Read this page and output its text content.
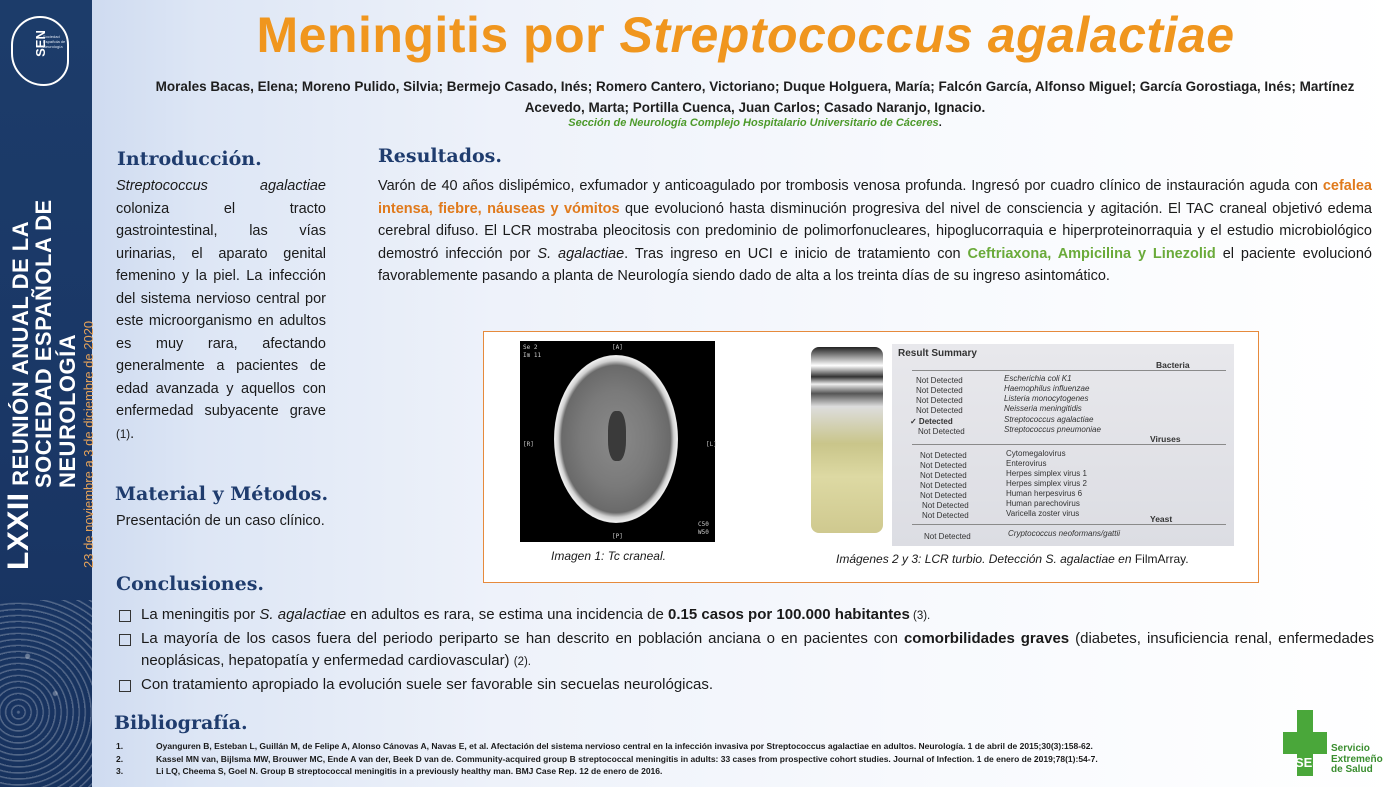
SEN
Sociedad Española de Neurología
LXXII REUNIÓN ANUAL DE LA
SOCIEDAD ESPAÑOLA DE NEUROLOGÍA 23 de noviembre a 3 de diciembre de 2020
Meningitis por Streptococcus agalactiae
Morales Bacas, Elena; Moreno Pulido, Silvia; Bermejo Casado, Inés; Romero Cantero, Victoriano; Duque Holguera, María; Falcón García, Alfonso Miguel; García Gorostiaga, Inés; Martínez Acevedo, Marta; Portilla Cuenca, Juan Carlos; Casado Naranjo, Ignacio.
Sección de Neurología Complejo Hospitalario Universitario de Cáceres.
Introducción.
Streptococcus agalactiae coloniza el tracto gastrointestinal, las vías urinarias, el aparato genital femenino y la piel. La infección del sistema nervioso central por este microorganismo en adultos es muy rara, afectando generalmente a pacientes de edad avanzada y aquellos con enfermedad subyacente grave (1).
Material y Métodos.
Presentación de un caso clínico.
Resultados.
Varón de 40 años dislipémico, exfumador y anticoagulado por trombosis venosa profunda. Ingresó por cuadro clínico de instauración aguda con cefalea intensa, fiebre, náuseas y vómitos que evolucionó hasta disminución progresiva del nivel de consciencia y agitación. El TAC craneal objetivó edema cerebral difuso. El LCR mostraba pleocitosis con predominio de polimorfonucleares, hipoglucorraquia e hiperproteinorraquia y el estudio microbiológico demostró infección por S. agalactiae. Tras ingreso en UCI e inicio de tratamiento con Ceftriaxona, Ampicilina y Linezolid el paciente evolucionó favorablemente pasando a planta de Neurología siendo dado de alta a los treinta días de su ingreso asintomático.
Se 2
Im 11
[A]
[R]	[L]
[P]
C50
W50
Result Summary
Bacteria
Not Detected	Escherichia coli K1
Not Detected	Haemophilus influenzae
Not Detected	Listeria monocytogenes
Not Detected	Neisseria meningitidis
✓ Detected	Streptococcus agalactiae
Not Detected	Streptococcus pneumoniae
Viruses
Not Detected	Cytomegalovirus
Not Detected	Enterovirus
Not Detected	Herpes simplex virus 1
Not Detected	Herpes simplex virus 2
Not Detected	Human herpesvirus 6
Not Detected	Human parechovirus
Not Detected	Varicella zoster virus
Yeast
Not Detected	Cryptococcus neoformans/gattii
Imagen 1: Tc craneal.	Imágenes 2 y 3: LCR turbio. Detección S. agalactiae en FilmArray.
Conclusiones.
La meningitis por S. agalactiae en adultos es rara, se estima una incidencia de 0.15 casos por 100.000 habitantes (3).
La mayoría de los casos fuera del periodo periparto se han descrito en población anciana o en pacientes con comorbilidades graves (diabetes, insuficiencia renal, enfermedades neoplásicas, hepatopatía y enfermedad cardiovascular) (2).
Con tratamiento apropiado la evolución suele ser favorable sin secuelas neurológicas.
Bibliografía.
1.	Oyanguren B, Esteban L, Guillán M, de Felipe A, Alonso Cánovas A, Navas E, et al. Afectación del sistema nervioso central en la infección invasiva por Streptococcus agalactiae en adultos. Neurología. 1 de abril de 2015;30(3):158-62.
2.	Kassel MN van, Bijlsma MW, Brouwer MC, Ende A van der, Beek D van de. Community-acquired group B streptococcal meningitis in adults: 33 cases from prospective cohort studies. Journal of Infection. 1 de enero de 2019;78(1):54-7.
3.	Li LQ, Cheema S, Goel N. Group B streptococcal meningitis in a previously healthy man. BMJ Case Rep. 12 de enero de 2016.
SES
Servicio
Extremeño
de Salud
